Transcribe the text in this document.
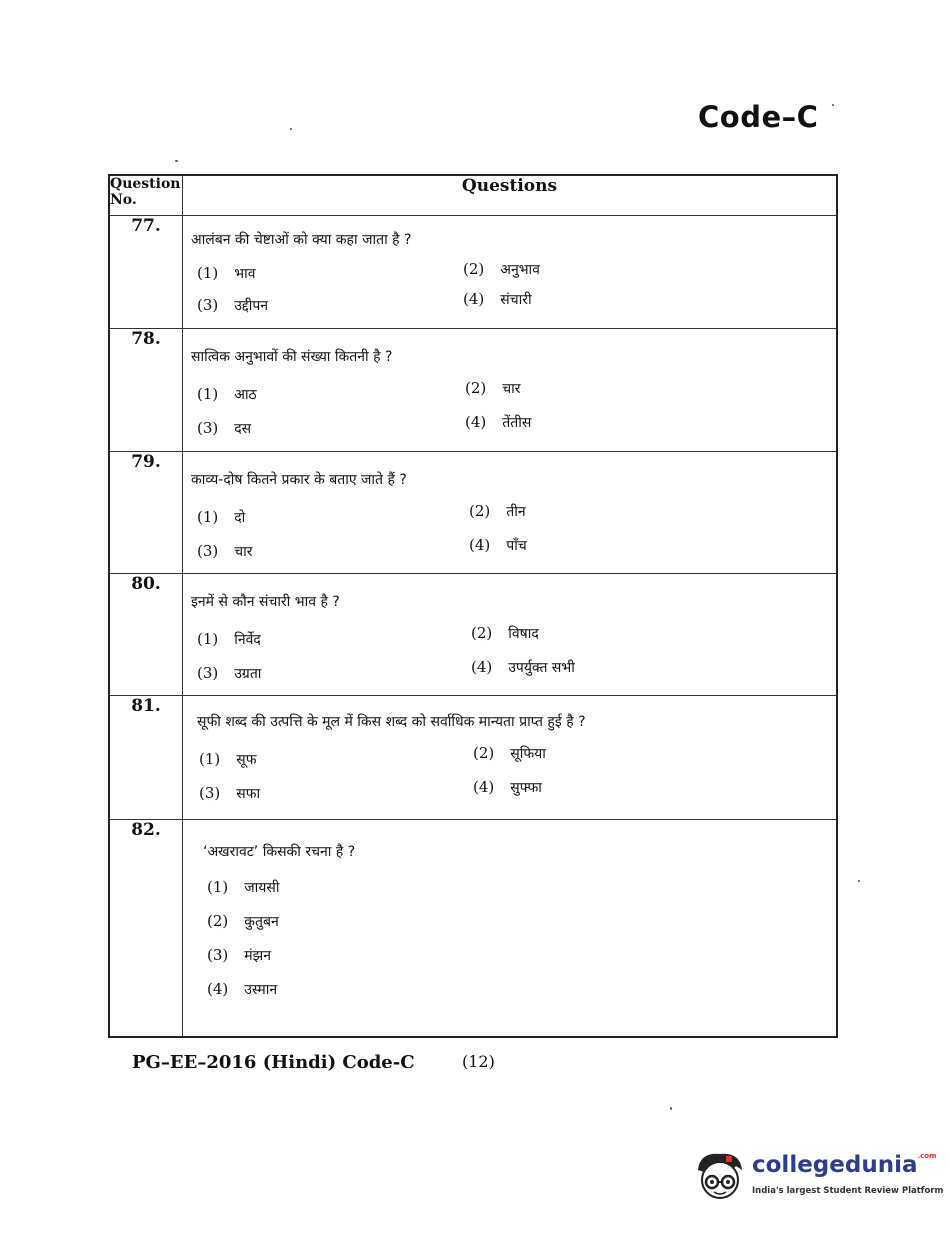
Code–C
Question No.	Questions
77.	आलंबन की चेष्टाओं को क्या कहा जाता है ?
(1) भाव (2) अनुभाव
(3) उद्दीपन (4) संचारी

78.	सात्विक अनुभावों की संख्या कितनी है ?
(1) आठ (2) चार
(3) दस (4) तेंतीस

79.	काव्य-दोष कितने प्रकार के बताए जाते हैं ?
(1) दो (2) तीन
(3) चार (4) पाँच

80.	इनमें से कौन संचारी भाव है ?
(1) निर्वेद (2) विषाद
(3) उग्रता (4) उपर्युक्त सभी

81.	सूफी शब्द की उत्पत्ति के मूल में किस शब्द को सर्वाधिक मान्यता प्राप्त हुई है ?
(1) सूफ (2) सूफिया
(3) सफा (4) सुफ्फा

82.	‘अखरावट’ किसकी रचना है ?
(1) जायसी
(2) कुतुबन
(3) मंझन
(4) उस्मान
PG–EE–2016 (Hindi) Code-C	(12)
collegedunia$^{.com}$
India's largest Student Review Platform
